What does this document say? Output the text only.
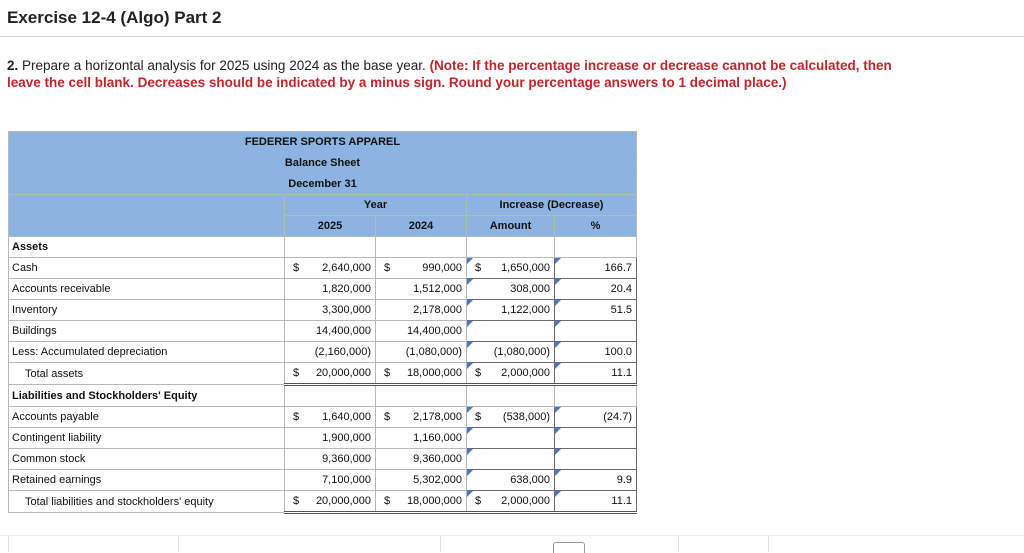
Exercise 12-4 (Algo) Part 2
2. Prepare a horizontal analysis for 2025 using 2024 as the base year. (Note: If the percentage increase or decrease cannot be calculated, then leave the cell blank. Decreases should be indicated by a minus sign. Round your percentage answers to 1 decimal place.)
FEDERER SPORTS APPAREL				
Balance Sheet				
December 31				
	Year		Increase (Decrease)	
	2025	2024	Amount	%
Assets				
Cash	$ 2,640,000	$ 990,000	$ 1,650,000	166.7
Accounts receivable	1,820,000	1,512,000	308,000	20.4
Inventory	3,300,000	2,178,000	1,122,000	51.5
Buildings	14,400,000	14,400,000		

Less: Accumulated depreciation	(2,160,000)	(1,080,000)	(1,080,000)	100.0
Total assets	$ 20,000,000	$ 18,000,000	$ 2,000,000	11.1
Liabilities and Stockholders' Equity				
Accounts payable	$ 1,640,000	$ 2,178,000	$ (538,000)	(24.7)
Contingent liability	1,900,000	1,160,000		

Common stock	9,360,000	9,360,000		

Retained earnings	7,100,000	5,302,000	638,000	9.9
Total liabilities and stockholders' equity	$ 20,000,000	$ 18,000,000	$ 2,000,000	11.1
